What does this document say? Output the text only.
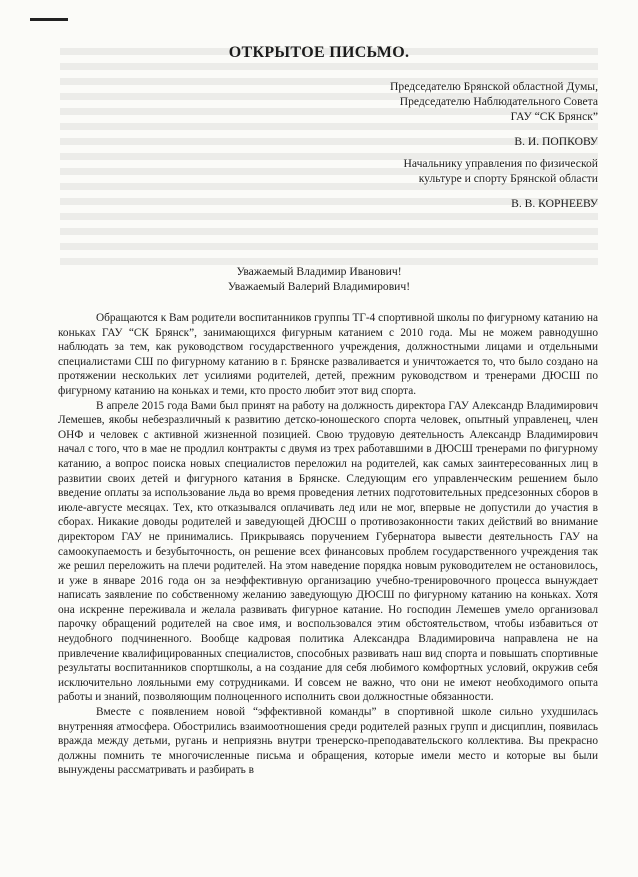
ОТКРЫТОЕ ПИСЬМО.
Председателю Брянской областной Думы,
Председателю Наблюдательного Совета
ГАУ “СК Брянск”
В. И. ПОПКОВУ
Начальнику управления по физической
культуре и спорту Брянской области
В. В. КОРНЕЕВУ
Уважаемый Владимир Иванович!
Уважаемый Валерий Владимирович!

Обращаются к Вам родители воспитанников группы ТГ-4 спортивной школы по фигурному катанию на коньках ГАУ “СК Брянск”, занимающихся фигурным катанием с 2010 года. Мы не можем равнодушно наблюдать за тем, как руководством государственного учреждения, должностными лицами и отдельными специалистами СШ по фигурному катанию в г. Брянске разваливается и уничтожается то, что было создано на протяжении нескольких лет усилиями родителей, детей, прежним руководством и тренерами ДЮСШ по фигурному катанию на коньках и теми, кто просто любит этот вид спорта.

В апреле 2015 года Вами был принят на работу на должность директора ГАУ Александр Владимирович Лемешев, якобы небезразличный к развитию детско-юношеского спорта человек, опытный управленец, член ОНФ и человек с активной жизненной позицией. Свою трудовую деятельность Александр Владимирович начал с того, что в мае не продлил контракты с двумя из трех работавшими в ДЮСШ тренерами по фигурному катанию, а вопрос поиска новых специалистов переложил на родителей, как самых заинтересованных лиц в развитии своих детей и фигурного катания в Брянске. Следующим его управленческим решением было введение оплаты за использование льда во время проведения летних подготовительных предсезонных сборов в июле-августе месяцах. Тех, кто отказывался оплачивать лед или не мог, впервые не допустили до участия в сборах. Никакие доводы родителей и заведующей ДЮСШ о противозаконности таких действий во внимание директором ГАУ не принимались. Прикрываясь поручением Губернатора вывести деятельность ГАУ на самоокупаемость и безубыточность, он решение всех финансовых проблем государственного учреждения так же решил переложить на плечи родителей. На этом наведение порядка новым руководителем не остановилось, и уже в январе 2016 года он за неэффективную организацию учебно-тренировочного процесса вынуждает написать заявление по собственному желанию заведующую ДЮСШ по фигурному катанию на коньках. Хотя она искренне переживала и желала развивать фигурное катание. Но господин Лемешев умело организовал парочку обращений родителей на свое имя, и воспользовался этим обстоятельством, чтобы избавиться от неудобного подчиненного. Вообще кадровая политика Александра Владимировича направлена не на привлечение квалифицированных специалистов, способных развивать наш вид спорта и повышать спортивные результаты воспитанников спортшколы, а на создание для себя любимого комфортных условий, окружив себя исключительно лояльными ему сотрудниками. И совсем не важно, что они не имеют необходимого опыта работы и знаний, позволяющим полноценного исполнить свои должностные обязанности.

Вместе с появлением новой “эффективной команды” в спортивной школе сильно ухудшилась внутренняя атмосфера. Обострились взаимоотношения среди родителей разных групп и дисциплин, появилась вражда между детьми, ругань и неприязнь внутри тренерско-преподавательского коллектива. Вы прекрасно должны помнить те многочисленные письма и обращения, которые имели место и которые вы были вынуждены рассматривать и разбирать в
